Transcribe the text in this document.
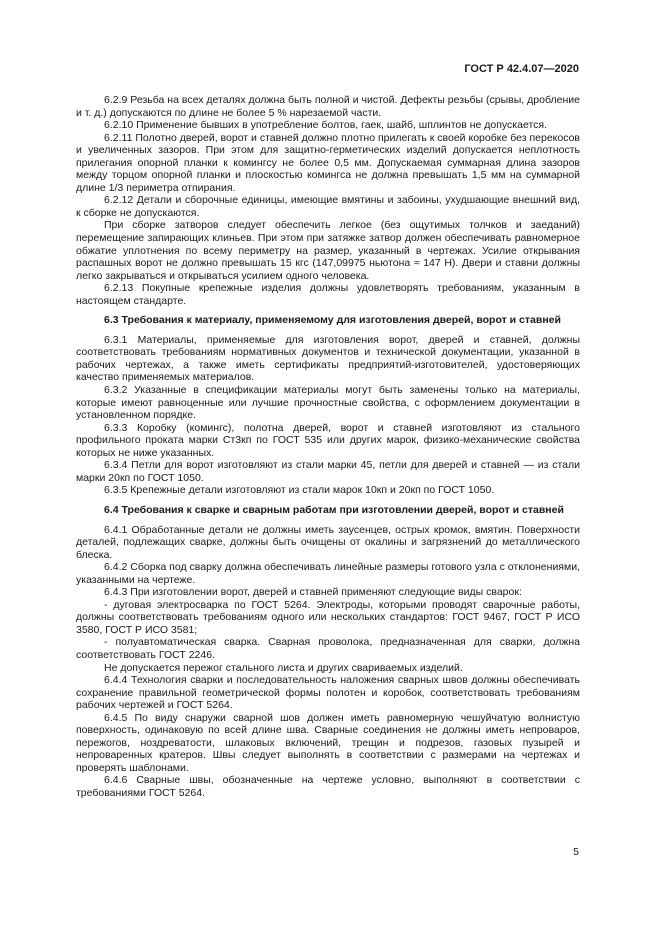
ГОСТ Р 42.4.07—2020

6.2.9 Резьба на всех деталях должна быть полной и чистой. Дефекты резьбы (срывы, дробление и т. д.) допускаются по длине не более 5 % нарезаемой части.

6.2.10 Применение бывших в употребление болтов, гаек, шайб, шплинтов не допускается.

6.2.11 Полотно дверей, ворот и ставней должно плотно прилегать к своей коробке без перекосов и увеличенных зазоров. При этом для защитно-герметических изделий допускается неплотность прилегания опорной планки к комингсу не более 0,5 мм. Допускаемая суммарная длина зазоров между торцом опорной планки и плоскостью комингса не должна превышать 1,5 мм на суммарной длине 1/3 периметра отпирания.

6.2.12 Детали и сборочные единицы, имеющие вмятины и забоины, ухудшающие внешний вид, к сборке не допускаются.

При сборке затворов следует обеспечить легкое (без ощутимых толчков и заеданий) перемещение запирающих клиньев. При этом при затяжке затвор должен обеспечивать равномерное обжатие уплотнения по всему периметру на размер, указанный в чертежах. Усилие открывания распашных ворот не должно превышать 15 кгс (147,09975 ньютона ≈ 147 Н). Двери и ставни должны легко закрываться и открываться усилием одного человека.

6.2.13 Покупные крепежные изделия должны удовлетворять требованиям, указанным в настоящем стандарте.

6.3 Требования к материалу, применяемому для изготовления дверей, ворот и ставней

6.3.1 Материалы, применяемые для изготовления ворот, дверей и ставней, должны соответствовать требованиям нормативных документов и технической документации, указанной в рабочих чертежах, а также иметь сертификаты предприятий-изготовителей, удостоверяющих качество применяемых материалов.

6.3.2 Указанные в спецификации материалы могут быть заменены только на материалы, которые имеют равноценные или лучшие прочностные свойства, с оформлением документации в установленном порядке.

6.3.3 Коробку (комингс), полотна дверей, ворот и ставней изготовляют из стального профильного проката марки Ст3кп по ГОСТ 535 или других марок, физико-механические свойства которых не ниже указанных.

6.3.4 Петли для ворот изготовляют из стали марки 45, петли для дверей и ставней — из стали марки 20кп по ГОСТ 1050.

6.3.5 Крепежные детали изготовляют из стали марок 10кп и 20кп по ГОСТ 1050.

6.4 Требования к сварке и сварным работам при изготовлении дверей, ворот и ставней

6.4.1 Обработанные детали не должны иметь заусенцев, острых кромок, вмятин. Поверхности деталей, подлежащих сварке, должны быть очищены от окалины и загрязнений до металлического блеска.

6.4.2 Сборка под сварку должна обеспечивать линейные размеры готового узла с отклонениями, указанными на чертеже.

6.4.3 При изготовлении ворот, дверей и ставней применяют следующие виды сварок:

- дуговая электросварка по ГОСТ 5264. Электроды, которыми проводят сварочные работы, должны соответствовать требованиям одного или нескольких стандартов: ГОСТ 9467, ГОСТ Р ИСО 3580, ГОСТ Р ИСО 3581;

- полуавтоматическая сварка. Сварная проволока, предназначенная для сварки, должна соответствовать ГОСТ 2246.

Не допускается пережог стального листа и других свариваемых изделий.

6.4.4 Технология сварки и последовательность наложения сварных швов должны обеспечивать сохранение правильной геометрической формы полотен и коробок, соответствовать требованиям рабочих чертежей и ГОСТ 5264.

6.4.5 По виду снаружи сварной шов должен иметь равномерную чешуйчатую волнистую поверхность, одинаковую по всей длине шва. Сварные соединения не должны иметь непроваров, пережогов, ноздреватости, шлаковых включений, трещин и подрезов, газовых пузырей и непроваренных кратеров. Швы следует выполнять в соответствии с размерами на чертежах и проверять шаблонами.

6.4.6 Сварные швы, обозначенные на чертеже условно, выполняют в соответствии с требованиями ГОСТ 5264.

5
